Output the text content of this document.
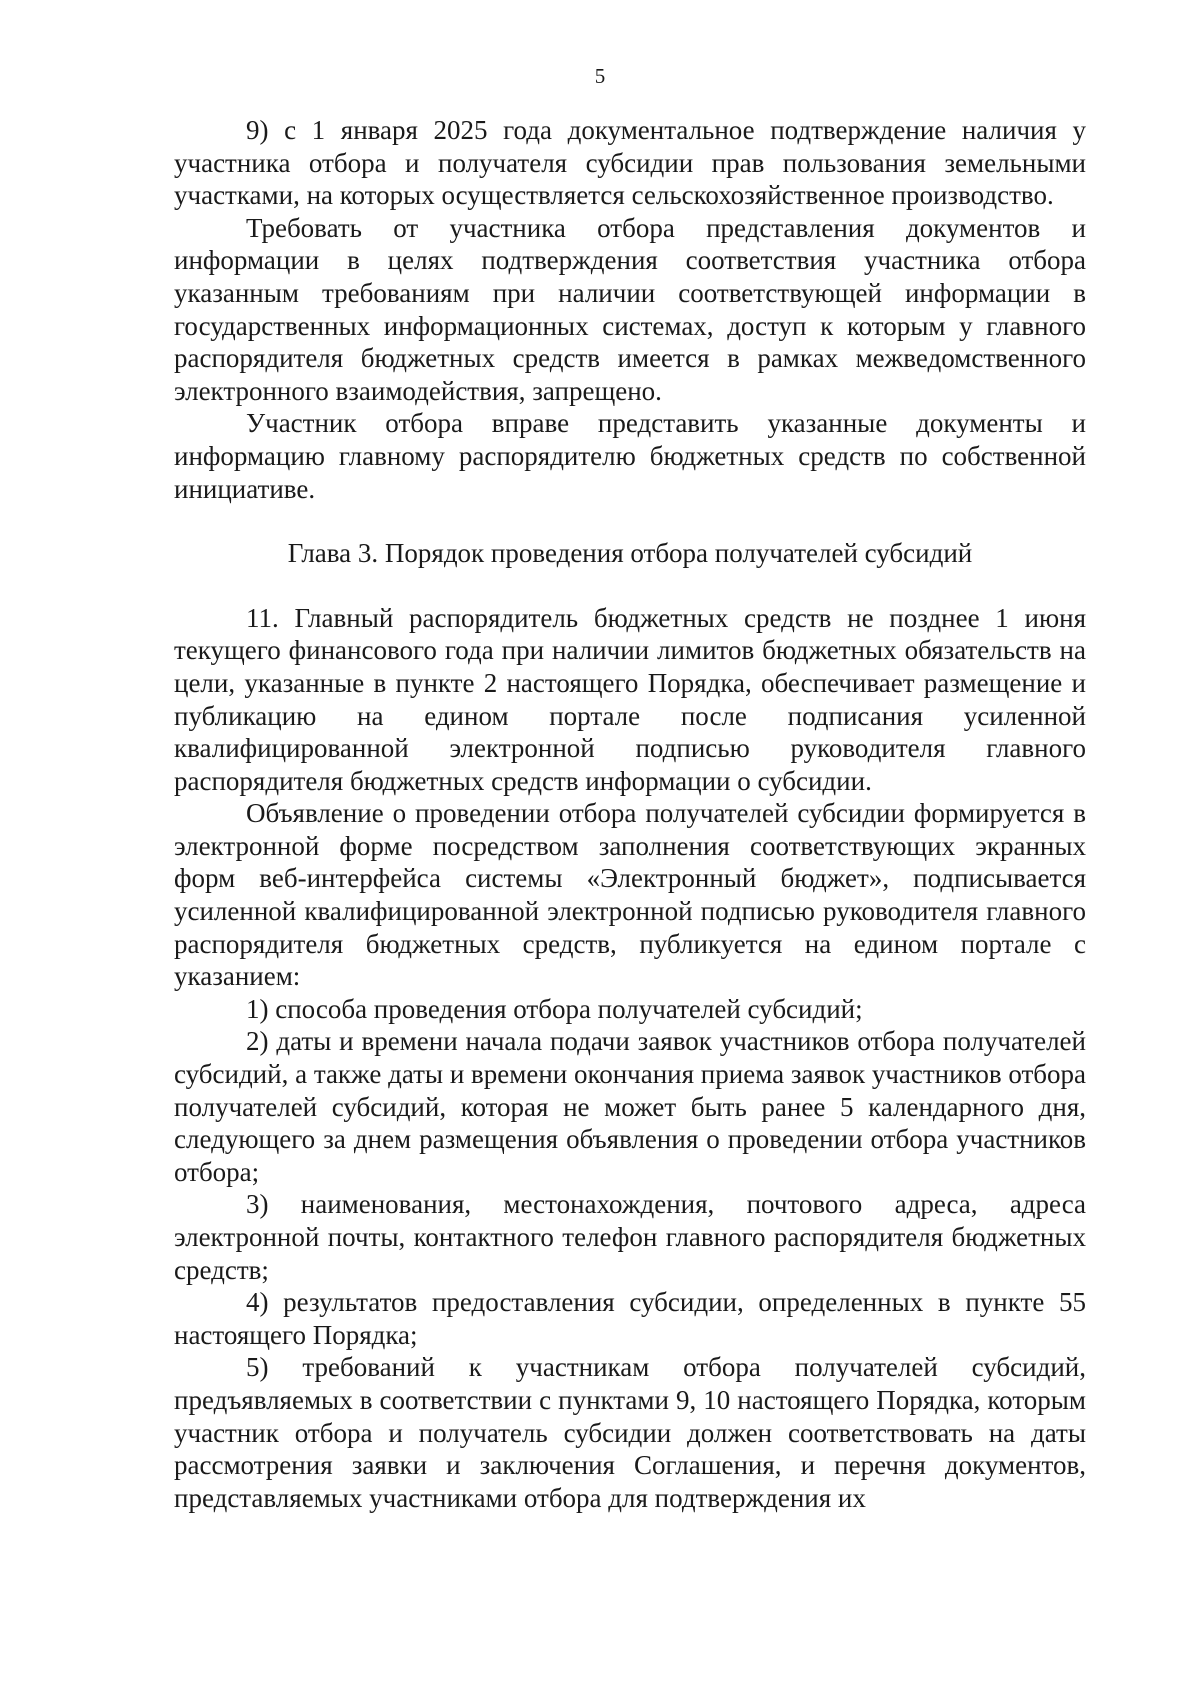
5

9) с 1 января 2025 года документальное подтверждение наличия у участника отбора и получателя субсидии прав пользования земельными участками, на которых осуществляется сельскохозяйственное производство.

Требовать от участника отбора представления документов и информации в целях подтверждения соответствия участника отбора указанным требованиям при наличии соответствующей информации в государственных информационных системах, доступ к которым у главного распорядителя бюджетных средств имеется в рамках межведомственного электронного взаимодействия, запрещено.

Участник отбора вправе представить указанные документы и информацию главному распорядителю бюджетных средств по собственной инициативе.

Глава 3. Порядок проведения отбора получателей субсидий

11. Главный распорядитель бюджетных средств не позднее 1 июня текущего финансового года при наличии лимитов бюджетных обязательств на цели, указанные в пункте 2 настоящего Порядка, обеспечивает размещение и публикацию на едином портале после подписания усиленной квалифицированной электронной подписью руководителя главного распорядителя бюджетных средств информации о субсидии.

Объявление о проведении отбора получателей субсидии формируется в электронной форме посредством заполнения соответствующих экранных форм веб-интерфейса системы «Электронный бюджет», подписывается усиленной квалифицированной электронной подписью руководителя главного распорядителя бюджетных средств, публикуется на едином портале с указанием:

1) способа проведения отбора получателей субсидий;

2) даты и времени начала подачи заявок участников отбора получателей субсидий, а также даты и времени окончания приема заявок участников отбора получателей субсидий, которая не может быть ранее 5 календарного дня, следующего за днем размещения объявления о проведении отбора участников отбора;

3) наименования, местонахождения, почтового адреса, адреса электронной почты, контактного телефон главного распорядителя бюджетных средств;

4) результатов предоставления субсидии, определенных в пункте 55 настоящего Порядка;

5) требований к участникам отбора получателей субсидий, предъявляемых в соответствии с пунктами 9, 10 настоящего Порядка, которым участник отбора и получатель субсидии должен соответствовать на даты рассмотрения заявки и заключения Соглашения, и перечня документов, представляемых участниками отбора для подтверждения их
